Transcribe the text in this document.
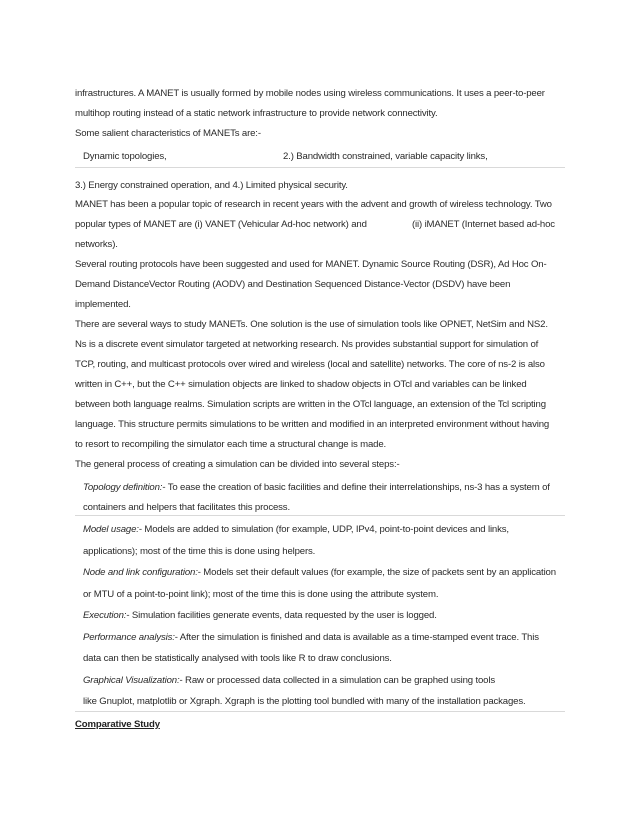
infrastructures. A MANET is usually formed by mobile nodes using wireless communications. It uses a peer-to-peer
multihop routing instead of a static network infrastructure to provide network connectivity.
Some salient characteristics of MANETs are:-
Dynamic topologies,	2.) Bandwidth constrained, variable capacity links,
3.) Energy constrained operation, and 4.) Limited physical security.
MANET has been a popular topic of research in recent years with the advent and growth of wireless technology. Two
popular types of MANET are (i) VANET (Vehicular Ad-hoc network) and	(ii) iMANET (Internet based ad-hoc
networks).
Several routing protocols have been suggested and used for MANET. Dynamic Source Routing (DSR), Ad Hoc On-
Demand DistanceVector Routing (AODV) and Destination Sequenced Distance-Vector (DSDV) have been
implemented.
There are several ways to study MANETs. One solution is the use of simulation tools like OPNET, NetSim and NS2.
Ns is a discrete event simulator targeted at networking research. Ns provides substantial support for simulation of
TCP, routing, and multicast protocols over wired and wireless (local and satellite) networks. The core of ns-2 is also
written in C++, but the C++ simulation objects are linked to shadow objects in OTcl and variables can be linked
between both language realms. Simulation scripts are written in the OTcl language, an extension of the Tcl scripting
language. This structure permits simulations to be written and modified in an interpreted environment without having
to resort to recompiling the simulator each time a structural change is made.
The general process of creating a simulation can be divided into several steps:-
Topology definition:- To ease the creation of basic facilities and define their interrelationships, ns-3 has a system of
containers and helpers that facilitates this process.
Model usage:- Models are added to simulation (for example, UDP, IPv4, point-to-point devices and links,
applications); most of the time this is done using helpers.
Node and link configuration:- Models set their default values (for example, the size of packets sent by an application
or MTU of a point-to-point link); most of the time this is done using the attribute system.
Execution:- Simulation facilities generate events, data requested by the user is logged.
Performance analysis:- After the simulation is finished and data is available as a time-stamped event trace. This
data can then be statistically analysed with tools like R to draw conclusions.
Graphical Visualization:- Raw or processed data collected in a simulation can be graphed using tools
like Gnuplot, matplotlib or Xgraph. Xgraph is the plotting tool bundled with many of the installation packages.
Comparative Study
